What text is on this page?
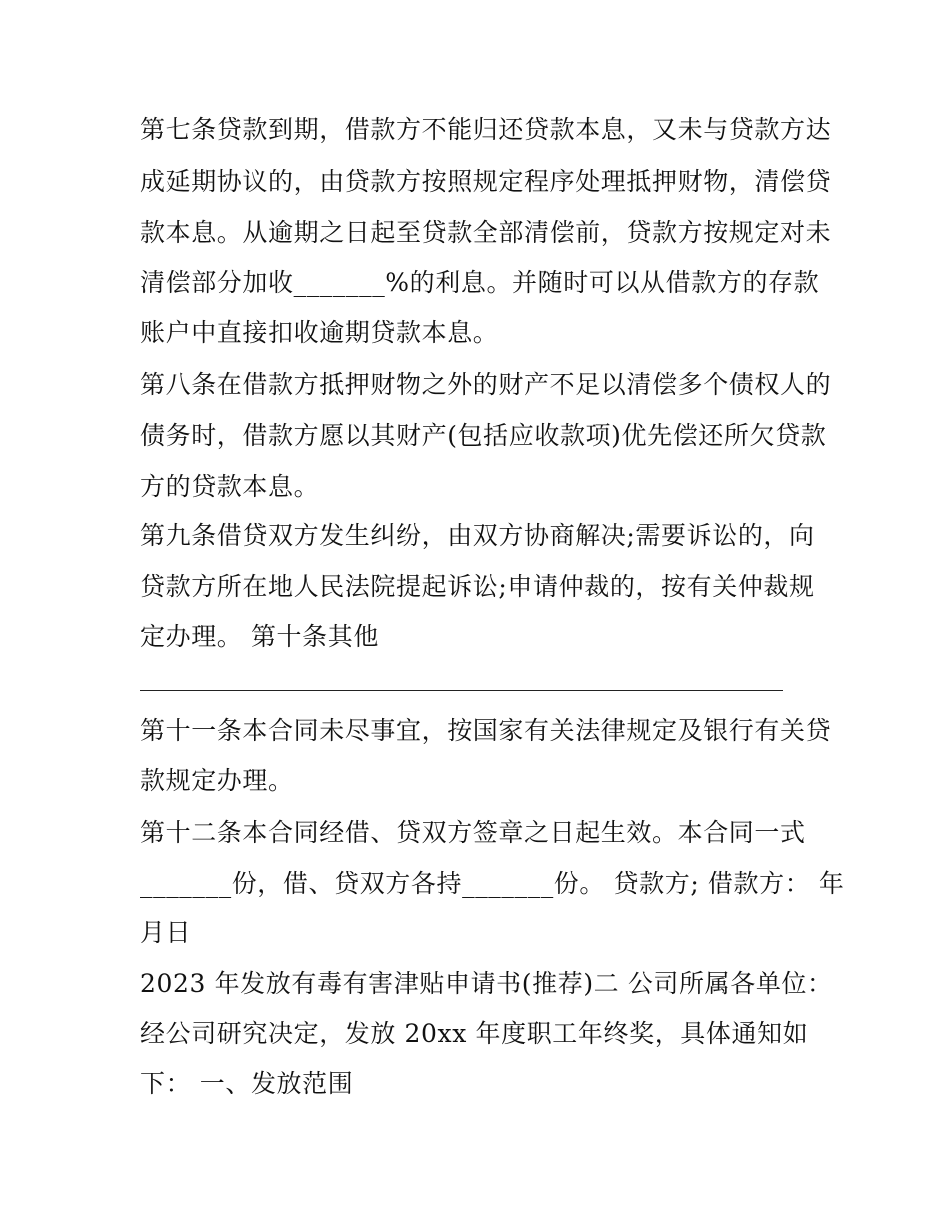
第七条贷款到期，借款方不能归还贷款本息，又未与贷款方达
成延期协议的，由贷款方按照规定程序处理抵押财物，清偿贷
款本息。从逾期之日起至贷款全部清偿前，贷款方按规定对未
清偿部分加收_______%的利息。并随时可以从借款方的存款
账户中直接扣收逾期贷款本息。
第八条在借款方抵押财物之外的财产不足以清偿多个债权人的
债务时，借款方愿以其财产(包括应收款项)优先偿还所欠贷款
方的贷款本息。
第九条借贷双方发生纠纷，由双方协商解决;需要诉讼的，向
贷款方所在地人民法院提起诉讼;申请仲裁的，按有关仲裁规
定办理。 第十条其他
第十一条本合同未尽事宜，按国家有关法律规定及银行有关贷
款规定办理。
第十二条本合同经借、贷双方签章之日起生效。本合同一式
_______份，借、贷双方各持_______份。 贷款方; 借款方： 年
月日
2023 年发放有毒有害津贴申请书(推荐)二 公司所属各单位：
经公司研究决定，发放 20xx 年度职工年终奖，具体通知如
下： 一、发放范围
